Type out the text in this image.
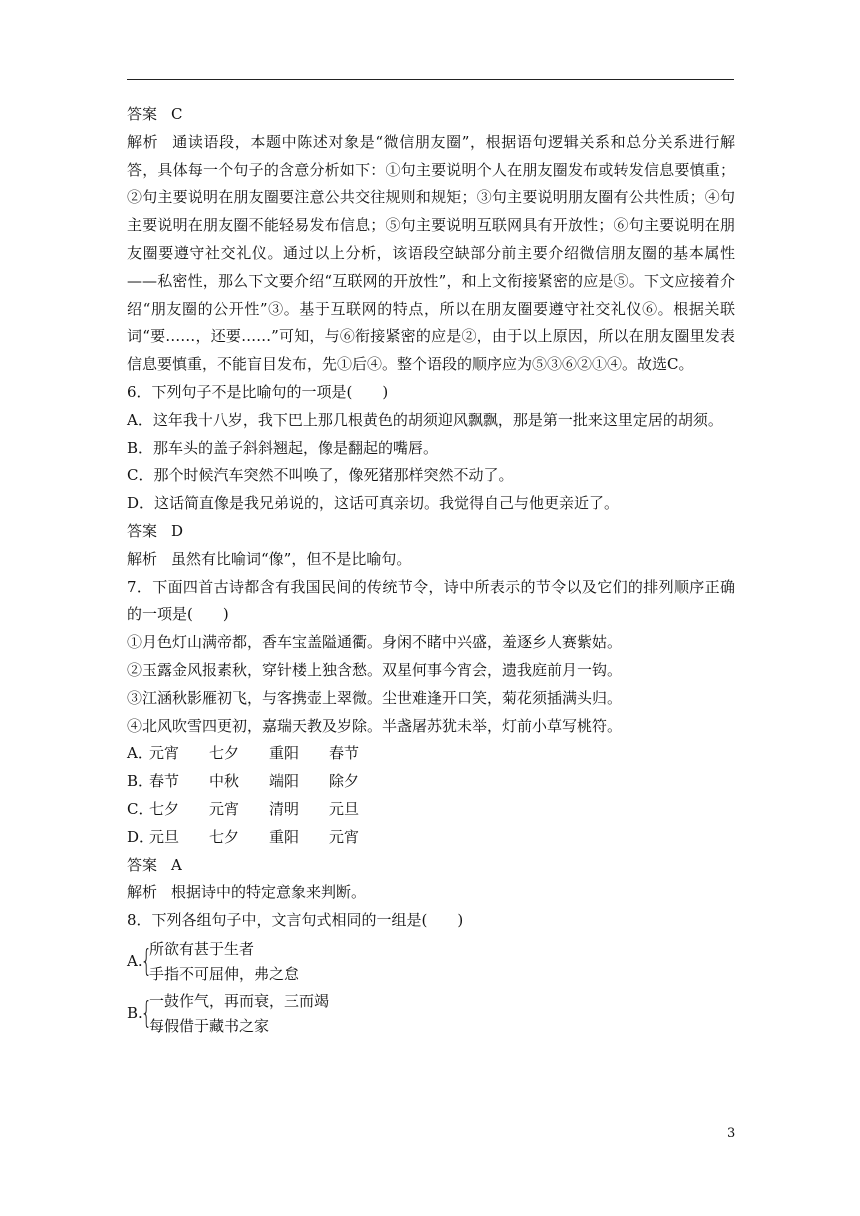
答案 C

解析 通读语段，本题中陈述对象是“微信朋友圈”，根据语句逻辑关系和总分关系进行解答，具体每一个句子的含意分析如下：①句主要说明个人在朋友圈发布或转发信息要慎重；②句主要说明在朋友圈要注意公共交往规则和规矩；③句主要说明朋友圈有公共性质；④句主要说明在朋友圈不能轻易发布信息；⑤句主要说明互联网具有开放性；⑥句主要说明在朋友圈要遵守社交礼仪。通过以上分析，该语段空缺部分前主要介绍微信朋友圈的基本属性——私密性，那么下文要介绍“互联网的开放性”，和上文衔接紧密的应是⑤。下文应接着介绍“朋友圈的公开性”③。基于互联网的特点，所以在朋友圈要遵守社交礼仪⑥。根据关联词“要……，还要……”可知，与⑥衔接紧密的应是②，由于以上原因，所以在朋友圈里发表信息要慎重，不能盲目发布，先①后④。整个语段的顺序应为⑤③⑥②①④。故选C。

6．下列句子不是比喻句的一项是(　　)

A．这年我十八岁，我下巴上那几根黄色的胡须迎风飘飘，那是第一批来这里定居的胡须。

B．那车头的盖子斜斜翘起，像是翻起的嘴唇。

C．那个时候汽车突然不叫唤了，像死猪那样突然不动了。

D．这话简直像是我兄弟说的，这话可真亲切。我觉得自己与他更亲近了。

答案 D

解析 虽然有比喻词“像”，但不是比喻句。

7．下面四首古诗都含有我国民间的传统节令，诗中所表示的节令以及它们的排列顺序正确的一项是(　　)

①月色灯山满帝都，香车宝盖隘通衢。身闲不睹中兴盛，羞逐乡人赛紫姑。

②玉露金风报素秋，穿针楼上独含愁。双星何事今宵会，遗我庭前月一钩。

③江涵秋影雁初飞，与客携壶上翠微。尘世难逢开口笑，菊花须插满头归。

④北风吹雪四更初，嘉瑞天教及岁除。半盏屠苏犹未举，灯前小草写桃符。

A．元宵 七夕 重阳 春节

B．春节 中秋 端阳 除夕

C．七夕 元宵 清明 元旦

D．元旦 七夕 重阳 元宵

答案 A

解析 根据诗中的特定意象来判断。

8．下列各组句子中，文言句式相同的一组是(　　)

A.
{

所欲有甚于生者

手指不可屈伸，弗之怠

B.
{

一鼓作气，再而衰，三而竭

每假借于藏书之家

3
